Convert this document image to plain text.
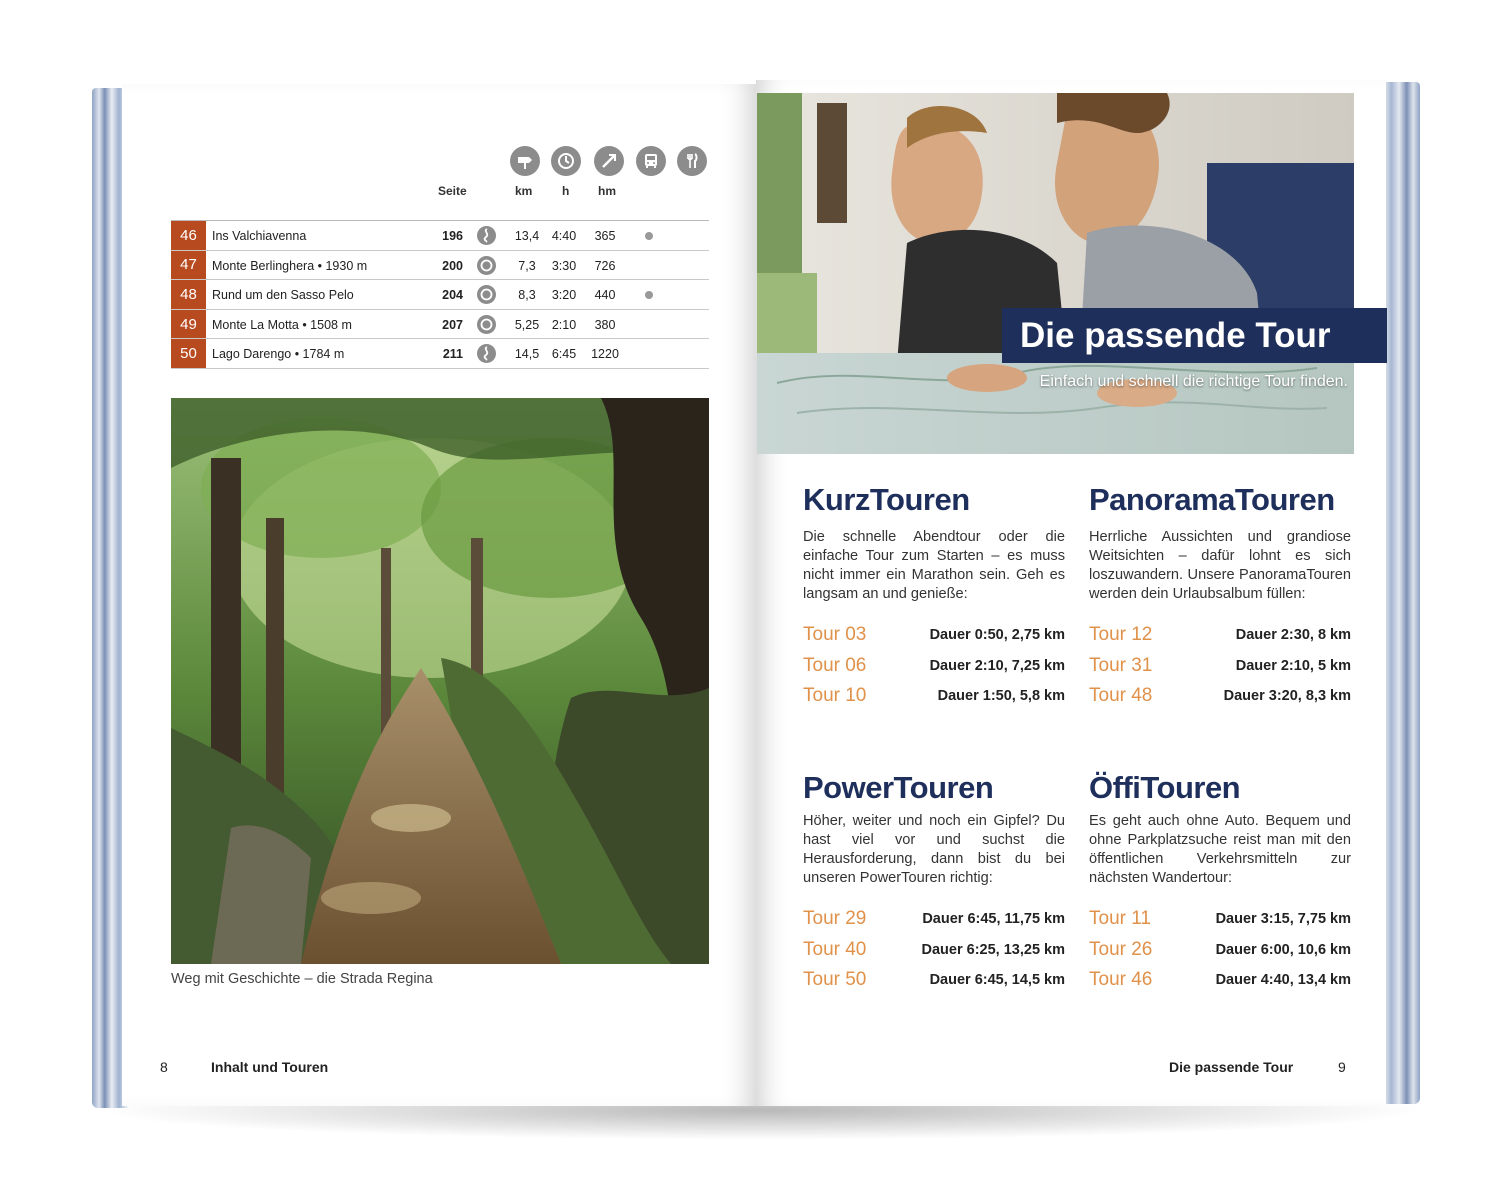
Seite	km h hm
46	Ins Valchiavenna	196	13,4	4:40	365
47	Monte Berlinghera • 1930 m	200	7,3	3:30	726
48	Rund um den Sasso Pelo	204	8,3	3:20	440
49	Monte La Motta • 1508 m	207	5,25	2:10	380
50	Lago Darengo • 1784 m	211	14,5	6:45	1220
Weg mit Geschichte – die Strada Regina
8	Inhalt und Touren
Die passende Tour
Einfach und schnell die richtige Tour finden.
KurzTouren
Die schnelle Abendtour oder die einfache Tour zum Starten – es muss nicht immer ein Marathon sein. Geh es langsam an und genieße:
Tour 03	Dauer 0:50, 2,75 km
Tour 06	Dauer 2:10, 7,25 km
Tour 10	Dauer 1:50, 5,8 km
PanoramaTouren
Herrliche Aussichten und grandiose Weitsichten – dafür lohnt es sich loszuwandern. Unsere PanoramaTouren werden dein Urlaubsalbum füllen:
Tour 12	Dauer 2:30, 8 km
Tour 31	Dauer 2:10, 5 km
Tour 48	Dauer 3:20, 8,3 km
PowerTouren
Höher, weiter und noch ein Gipfel? Du hast viel vor und suchst die Herausforderung, dann bist du bei unseren PowerTouren richtig:
Tour 29	Dauer 6:45, 11,75 km
Tour 40	Dauer 6:25, 13,25 km
Tour 50	Dauer 6:45, 14,5 km
ÖffiTouren
Es geht auch ohne Auto. Bequem und ohne Parkplatzsuche reist man mit den öffentlichen Verkehrsmitteln zur nächsten Wandertour:
Tour 11	Dauer 3:15, 7,75 km
Tour 26	Dauer 6:00, 10,6 km
Tour 46	Dauer 4:40, 13,4 km
Die passende Tour	9
